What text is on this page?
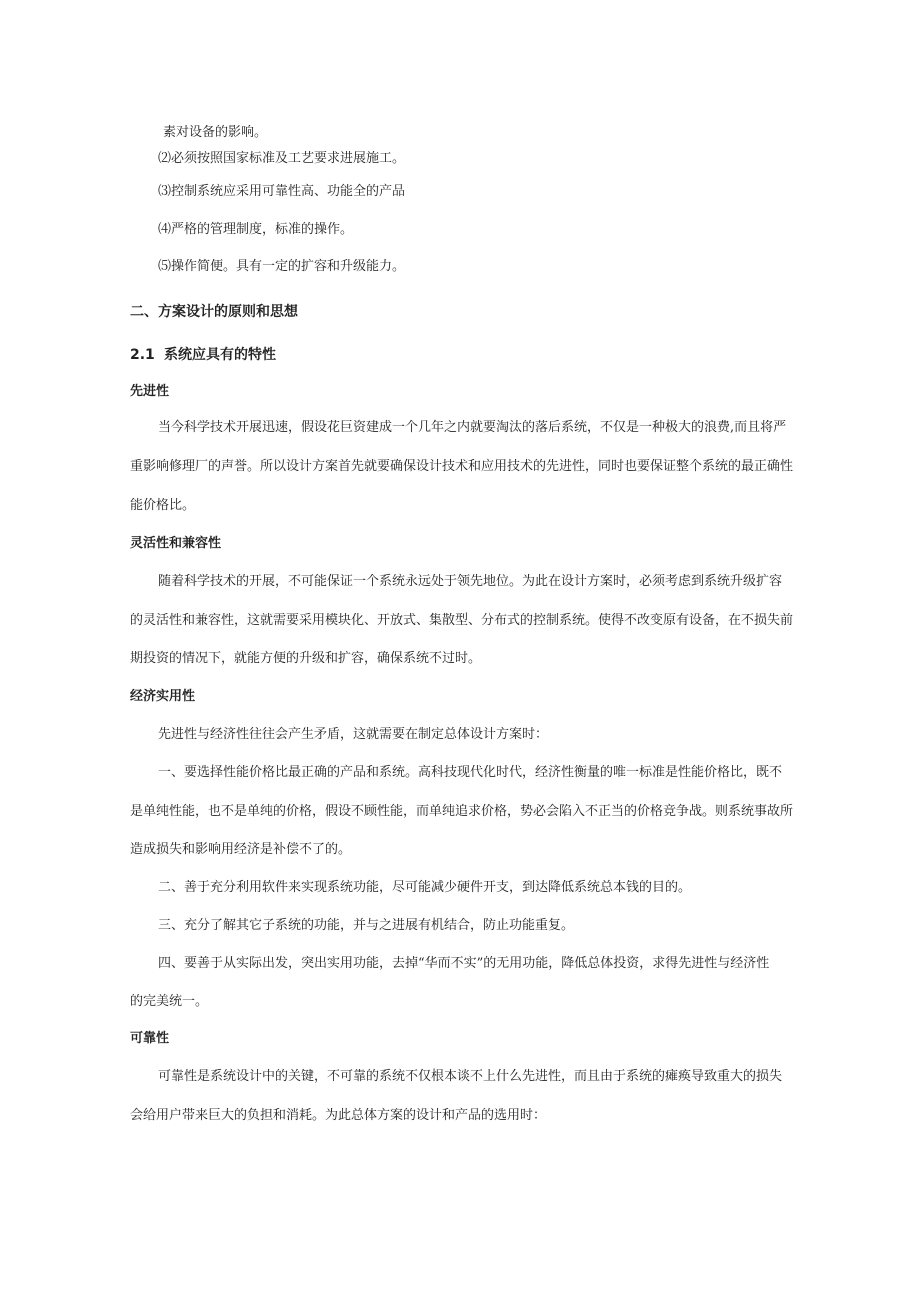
素对设备的影响。
⑵必须按照国家标准及工艺要求进展施工。
⑶控制系统应采用可靠性高、功能全的产品
⑷严格的管理制度，标准的操作。
⑸操作简便。具有一定的扩容和升级能力。
二、方案设计的原则和思想
2.1 系统应具有的特性
先进性
当今科学技术开展迅速，假设花巨资建成一个几年之内就要淘汰的落后系统，不仅是一种极大的浪费,而且将严
重影响修理厂的声誉。所以设计方案首先就要确保设计技术和应用技术的先进性，同时也要保证整个系统的最正确性
能价格比。
灵活性和兼容性
随着科学技术的开展，不可能保证一个系统永远处于领先地位。为此在设计方案时，必须考虑到系统升级扩容
的灵活性和兼容性，这就需要采用模块化、开放式、集散型、分布式的控制系统。使得不改变原有设备，在不损失前
期投资的情况下，就能方便的升级和扩容，确保系统不过时。
经济实用性
先进性与经济性往往会产生矛盾，这就需要在制定总体设计方案时：
一、要选择性能价格比最正确的产品和系统。高科技现代化时代，经济性衡量的唯一标准是性能价格比，既不
是单纯性能，也不是单纯的价格，假设不顾性能，而单纯追求价格，势必会陷入不正当的价格竞争战。则系统事故所
造成损失和影响用经济是补偿不了的。
二、善于充分利用软件来实现系统功能，尽可能减少硬件开支，到达降低系统总本钱的目的。
三、充分了解其它子系统的功能，并与之进展有机结合，防止功能重复。
四、要善于从实际出发，突出实用功能，去掉“华而不实”的无用功能，降低总体投资，求得先进性与经济性
的完美统一。
可靠性
可靠性是系统设计中的关键，不可靠的系统不仅根本谈不上什么先进性，而且由于系统的瘫痪导致重大的损失
会给用户带来巨大的负担和消耗。为此总体方案的设计和产品的选用时：
